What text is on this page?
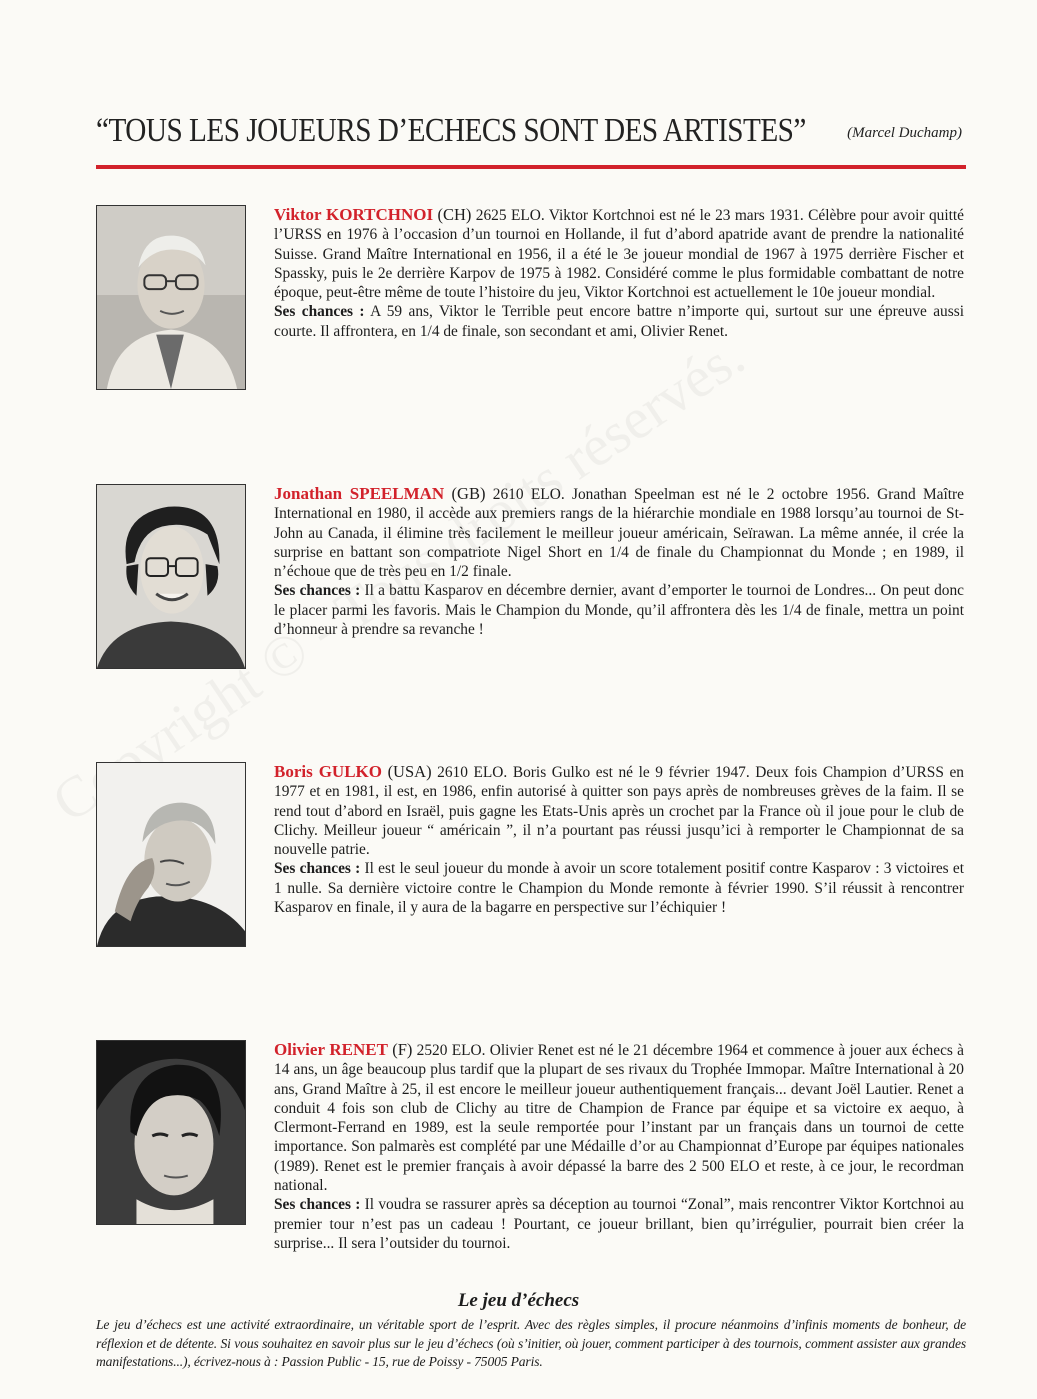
“TOUS LES JOUEURS D’ECHECS SONT DES ARTISTES”	(Marcel Duchamp)
Viktor KORTCHNOI (CH) 2625 ELO. Viktor Kortchnoi est né le 23 mars 1931. Célèbre pour avoir quitté l’URSS en 1976 à l’occasion d’un tournoi en Hollande, il fut d’abord apatride avant de prendre la nationalité Suisse. Grand Maître International en 1956, il a été le 3e joueur mondial de 1967 à 1975 derrière Fischer et Spassky, puis le 2e derrière Karpov de 1975 à 1982. Considéré comme le plus formidable combattant de notre époque, peut-être même de toute l’histoire du jeu, Viktor Kortchnoi est actuellement le 10e joueur mondial.
Ses chances : A 59 ans, Viktor le Terrible peut encore battre n’importe qui, surtout sur une épreuve aussi courte. Il affrontera, en 1/4 de finale, son secondant et ami, Olivier Renet.
Jonathan SPEELMAN (GB) 2610 ELO. Jonathan Speelman est né le 2 octobre 1956. Grand Maître International en 1980, il accède aux premiers rangs de la hiérarchie mondiale en 1988 lorsqu’au tournoi de St-John au Canada, il élimine très facilement le meilleur joueur américain, Seïrawan. La même année, il crée la surprise en battant son compatriote Nigel Short en 1/4 de finale du Championnat du Monde ; en 1989, il n’échoue que de très peu en 1/2 finale.
Ses chances : Il a battu Kasparov en décembre dernier, avant d’emporter le tournoi de Londres... On peut donc le placer parmi les favoris. Mais le Champion du Monde, qu’il affrontera dès les 1/4 de finale, mettra un point d’honneur à prendre sa revanche !
Boris GULKO (USA) 2610 ELO. Boris Gulko est né le 9 février 1947. Deux fois Champion d’URSS en 1977 et en 1981, il est, en 1986, enfin autorisé à quitter son pays après de nombreuses grèves de la faim. Il se rend tout d’abord en Israël, puis gagne les Etats-Unis après un crochet par la France où il joue pour le club de Clichy. Meilleur joueur “ américain ”, il n’a pourtant pas réussi jusqu’ici à remporter le Championnat de sa nouvelle patrie.
Ses chances : Il est le seul joueur du monde à avoir un score totalement positif contre Kasparov : 3 victoires et 1 nulle. Sa dernière victoire contre le Champion du Monde remonte à février 1990. S’il réussit à rencontrer Kasparov en finale, il y aura de la bagarre en perspective sur l’échiquier !
Olivier RENET (F) 2520 ELO. Olivier Renet est né le 21 décembre 1964 et commence à jouer aux échecs à 14 ans, un âge beaucoup plus tardif que la plupart de ses rivaux du Trophée Immopar. Maître International à 20 ans, Grand Maître à 25, il est encore le meilleur joueur authentiquement français... devant Joël Lautier. Renet a conduit 4 fois son club de Clichy au titre de Champion de France par équipe et sa victoire ex aequo, à Clermont-Ferrand en 1989, est la seule remportée pour l’instant par un français dans un tournoi de cette importance. Son palmarès est complété par une Médaille d’or au Championnat d’Europe par équipes nationales (1989). Renet est le premier français à avoir dépassé la barre des 2 500 ELO et reste, à ce jour, le recordman national.
Ses chances : Il voudra se rassurer après sa déception au tournoi “Zonal”, mais rencontrer Viktor Kortchnoi au premier tour n’est pas un cadeau ! Pourtant, ce joueur brillant, bien qu’irrégulier, pourrait bien créer la surprise... Il sera l’outsider du tournoi.
Le jeu d’échecs
Le jeu d’échecs est une activité extraordinaire, un véritable sport de l’esprit. Avec des règles simples, il procure néanmoins d’infinis moments de bonheur, de réflexion et de détente. Si vous souhaitez en savoir plus sur le jeu d’échecs (où s’initier, où jouer, comment participer à des tournois, comment assister aux grandes manifestations...), écrivez-nous à : Passion Public - 15, rue de Poissy - 75005 Paris.
